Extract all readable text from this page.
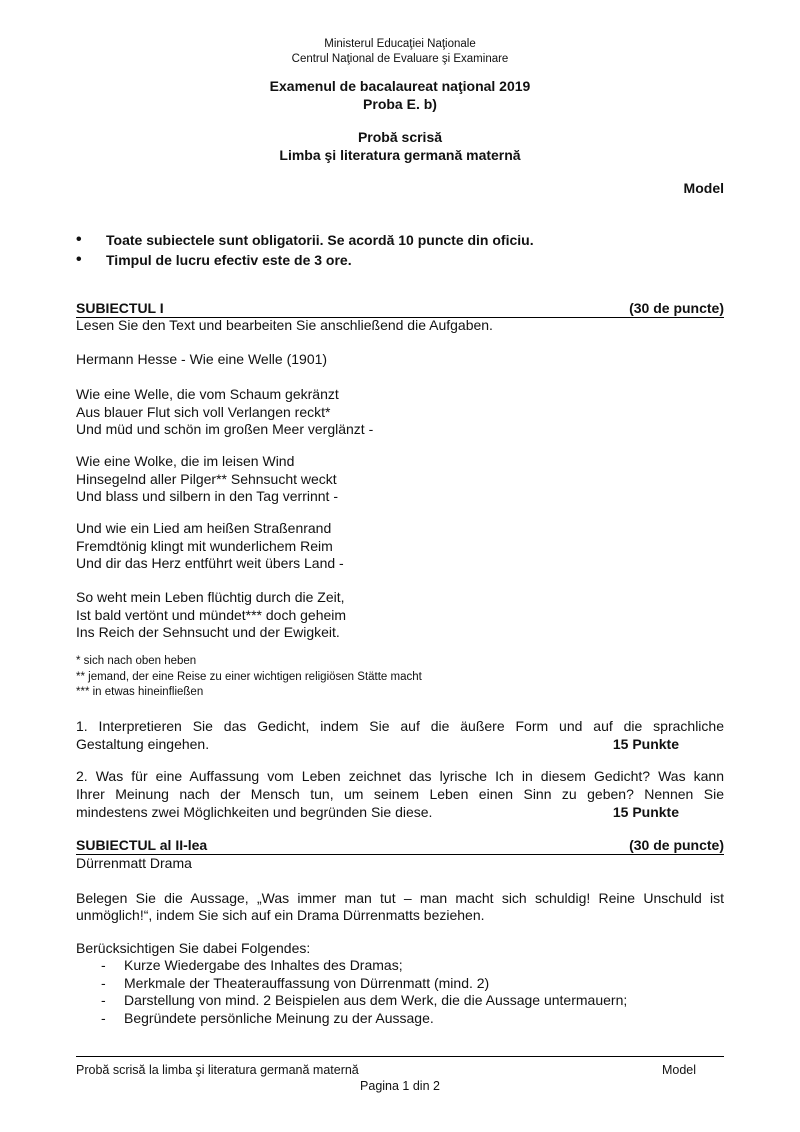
Ministerul Educaţiei Naţionale
Centrul Naţional de Evaluare şi Examinare
Examenul de bacalaureat naţional 2019
Proba E. b)
Probă scrisă
Limba şi literatura germană maternă
Model
• Toate subiectele sunt obligatorii. Se acordă 10 puncte din oficiu.
• Timpul de lucru efectiv este de 3 ore.
SUBIECTUL I	(30 de puncte)
Lesen Sie den Text und bearbeiten Sie anschließend die Aufgaben.
Hermann Hesse - Wie eine Welle (1901)
Wie eine Welle, die vom Schaum gekränzt
Aus blauer Flut sich voll Verlangen reckt*
Und müd und schön im großen Meer verglänzt -
Wie eine Wolke, die im leisen Wind
Hinsegelnd aller Pilger** Sehnsucht weckt
Und blass und silbern in den Tag verrinnt -
Und wie ein Lied am heißen Straßenrand
Fremdtönig klingt mit wunderlichem Reim
Und dir das Herz entführt weit übers Land -
So weht mein Leben flüchtig durch die Zeit,
Ist bald vertönt und mündet*** doch geheim
Ins Reich der Sehnsucht und der Ewigkeit.
* sich nach oben heben
** jemand, der eine Reise zu einer wichtigen religiösen Stätte macht
*** in etwas hineinfließen
1. Interpretieren Sie das Gedicht, indem Sie auf die äußere Form und auf die sprachliche
Gestaltung eingehen.	15 Punkte
2. Was für eine Auffassung vom Leben zeichnet das lyrische Ich in diesem Gedicht? Was kann
Ihrer Meinung nach der Mensch tun, um seinem Leben einen Sinn zu geben? Nennen Sie
mindestens zwei Möglichkeiten und begründen Sie diese.	15 Punkte
SUBIECTUL al II-lea	(30 de puncte)
Dürrenmatt Drama
Belegen Sie die Aussage, „Was immer man tut – man macht sich schuldig! Reine Unschuld ist
unmöglich!“, indem Sie sich auf ein Drama Dürrenmatts beziehen.
Berücksichtigen Sie dabei Folgendes:
- Kurze Wiedergabe des Inhaltes des Dramas;
- Merkmale der Theaterauffassung von Dürrenmatt (mind. 2)
- Darstellung von mind. 2 Beispielen aus dem Werk, die die Aussage untermauern;
- Begründete persönliche Meinung zu der Aussage.
Probă scrisă la limba şi literatura germană maternă	Model
Pagina 1 din 2
